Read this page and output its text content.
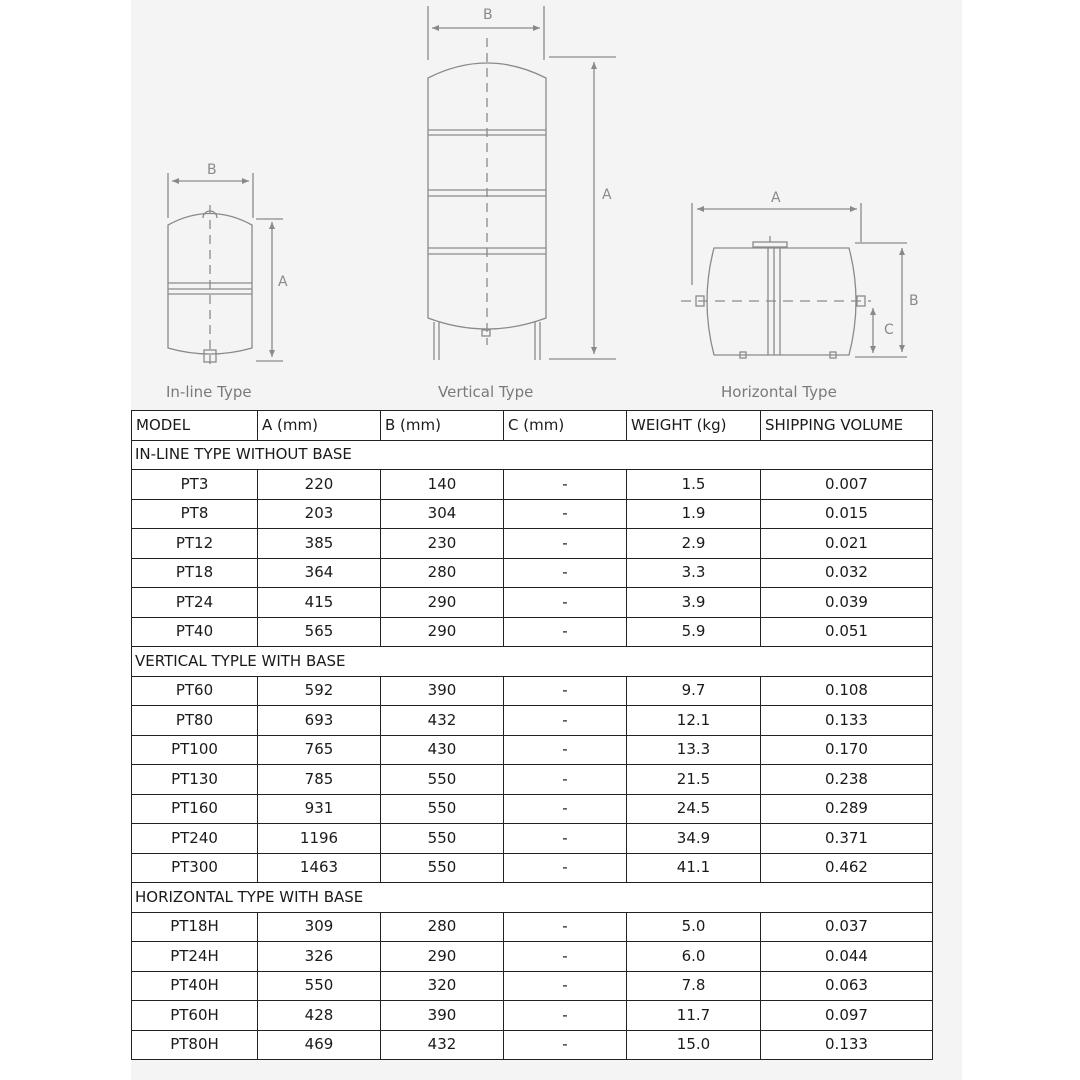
B
A
In-line Type
B
A
Vertical Type
A
B
C
Horizontal Type
MODEL	A (mm)	B (mm)	C (mm)	WEIGHT (kg)	SHIPPING VOLUME
IN-LINE TYPE WITHOUT BASE					
PT3	220	140	-	1.5	0.007
PT8	203	304	-	1.9	0.015
PT12	385	230	-	2.9	0.021
PT18	364	280	-	3.3	0.032
PT24	415	290	-	3.9	0.039
PT40	565	290	-	5.9	0.051
VERTICAL TYPLE WITH BASE					
PT60	592	390	-	9.7	0.108
PT80	693	432	-	12.1	0.133
PT100	765	430	-	13.3	0.170
PT130	785	550	-	21.5	0.238
PT160	931	550	-	24.5	0.289
PT240	1196	550	-	34.9	0.371
PT300	1463	550	-	41.1	0.462
HORIZONTAL TYPE WITH BASE					
PT18H	309	280	-	5.0	0.037
PT24H	326	290	-	6.0	0.044
PT40H	550	320	-	7.8	0.063
PT60H	428	390	-	11.7	0.097
PT80H	469	432	-	15.0	0.133
